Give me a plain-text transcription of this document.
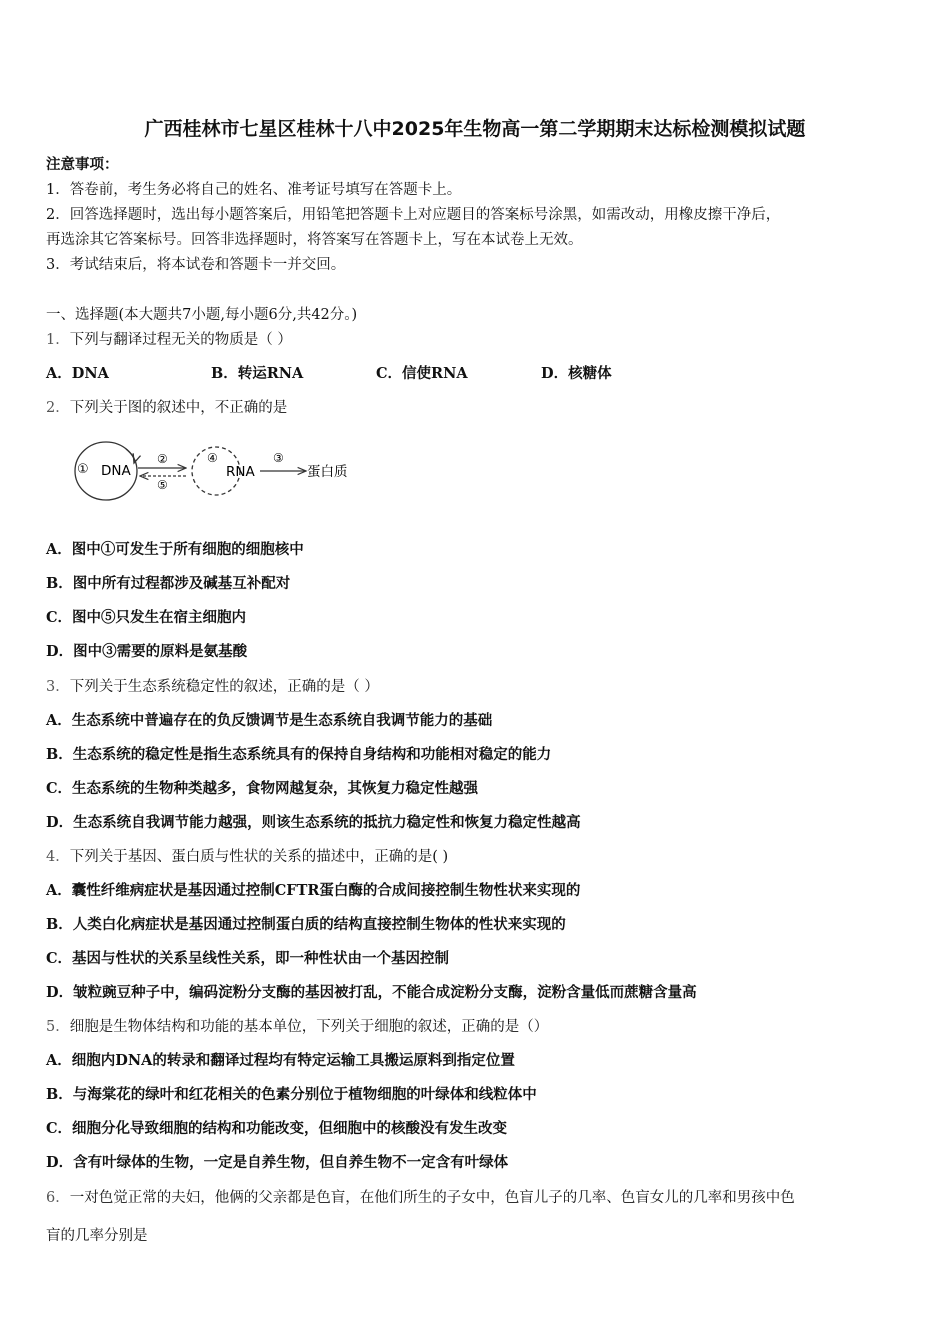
广西桂林市七星区桂林十八中2025年生物高一第二学期期末达标检测模拟试题
注意事项：
1．答卷前，考生务必将自己的姓名、准考证号填写在答题卡上。
2．回答选择题时，选出每小题答案后，用铅笔把答题卡上对应题目的答案标号涂黑，如需改动，用橡皮擦干净后，
再选涂其它答案标号。回答非选择题时，将答案写在答题卡上，写在本试卷上无效。
3．考试结束后，将本试卷和答题卡一并交回。
一、选择题(本大题共7小题,每小题6分,共42分。)
1．下列与翻译过程无关的物质是（ ）
A．DNA	B．转运RNA	C．信使RNA	D．核糖体
2．下列关于图的叙述中，不正确的是
① DNA
②
⑤
④
RNA
③
蛋白质
A．图中①可发生于所有细胞的细胞核中
B．图中所有过程都涉及碱基互补配对
C．图中⑤只发生在宿主细胞内
D．图中③需要的原料是氨基酸
3．下列关于生态系统稳定性的叙述，正确的是（ ）
A．生态系统中普遍存在的负反馈调节是生态系统自我调节能力的基础
B．生态系统的稳定性是指生态系统具有的保持自身结构和功能相对稳定的能力
C．生态系统的生物种类越多，食物网越复杂，其恢复力稳定性越强
D．生态系统自我调节能力越强，则该生态系统的抵抗力稳定性和恢复力稳定性越高
4．下列关于基因、蛋白质与性状的关系的描述中，正确的是( )
A．囊性纤维病症状是基因通过控制CFTR蛋白酶的合成间接控制生物性状来实现的
B．人类白化病症状是基因通过控制蛋白质的结构直接控制生物体的性状来实现的
C．基因与性状的关系呈线性关系，即一种性状由一个基因控制
D．皱粒豌豆种子中，编码淀粉分支酶的基因被打乱，不能合成淀粉分支酶，淀粉含量低而蔗糖含量高
5．细胞是生物体结构和功能的基本单位，下列关于细胞的叙述，正确的是（）
A．细胞内DNA的转录和翻译过程均有特定运输工具搬运原料到指定位置
B．与海棠花的绿叶和红花相关的色素分别位于植物细胞的叶绿体和线粒体中
C．细胞分化导致细胞的结构和功能改变，但细胞中的核酸没有发生改变
D．含有叶绿体的生物，一定是自养生物，但自养生物不一定含有叶绿体
6．一对色觉正常的夫妇，他俩的父亲都是色盲，在他们所生的子女中，色盲儿子的几率、色盲女儿的几率和男孩中色
盲的几率分别是
